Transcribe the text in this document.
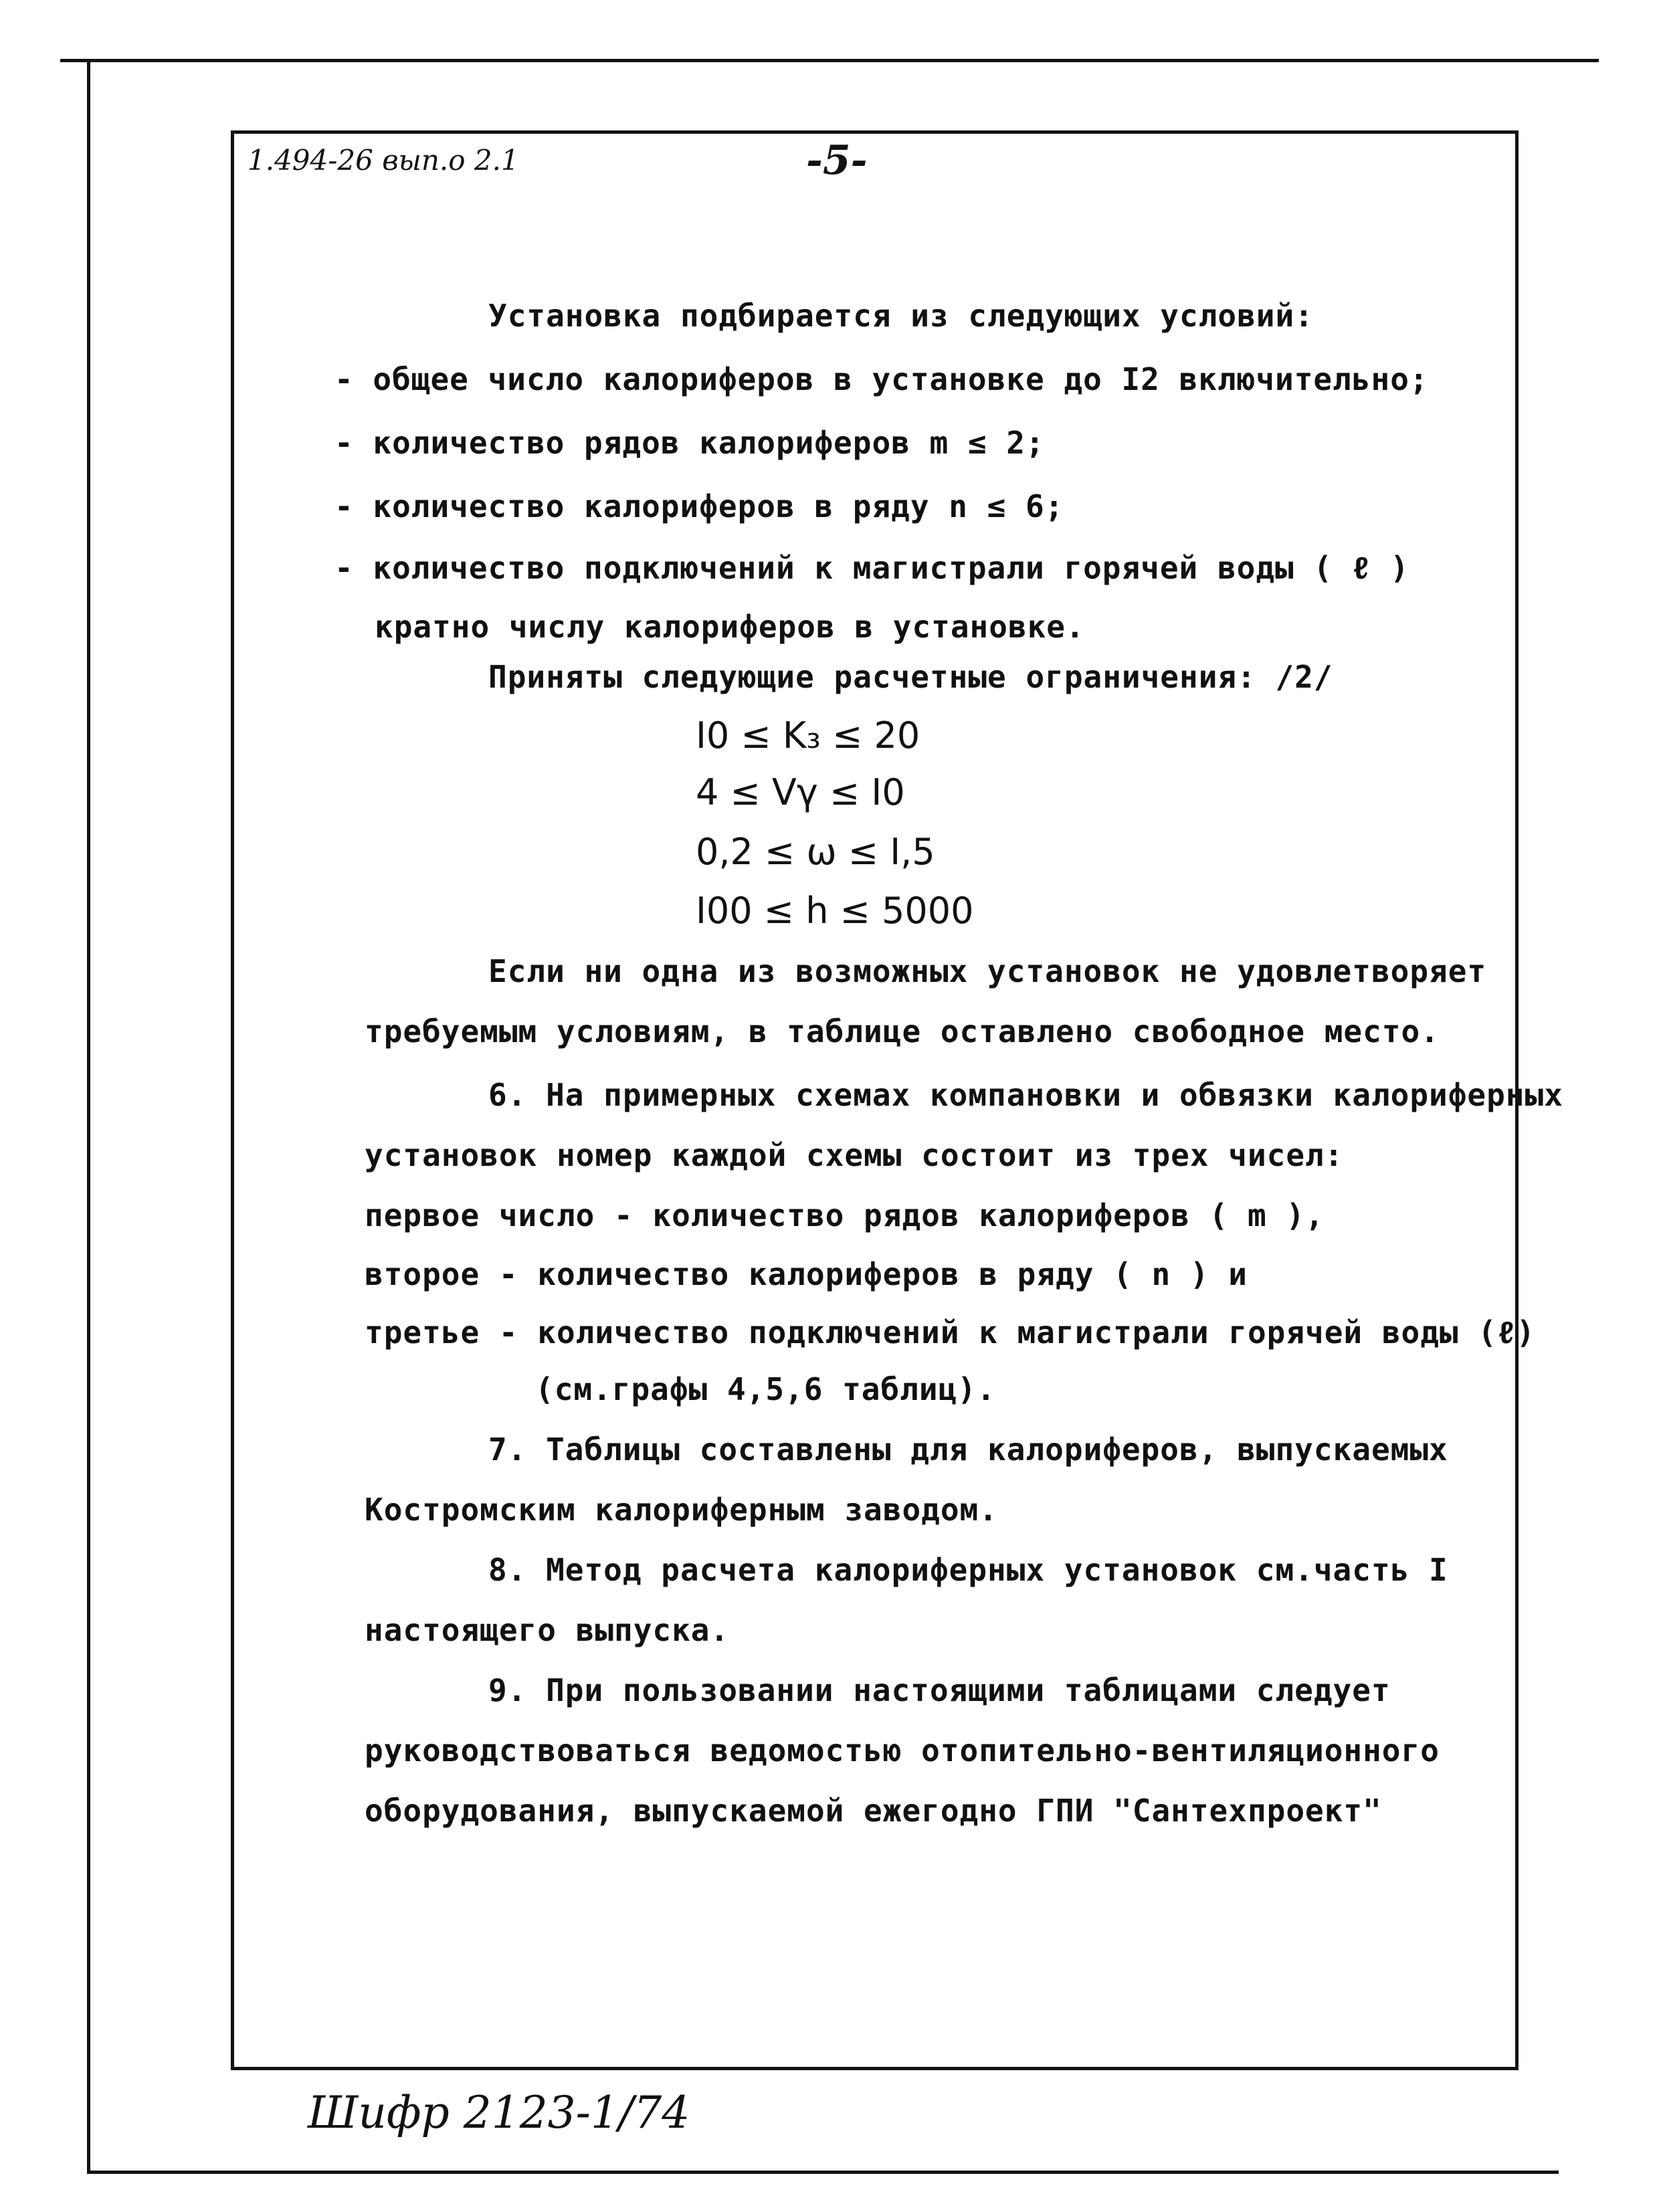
1.494-26 вып.о 2.1	-5-
Установка подбирается из следующих условий:
- общее число калориферов в установке до I2 включительно;
- количество рядов калориферов m ≤ 2;
- количество калориферов в ряду n ≤ 6;
- количество подключений к магистрали горячей воды ( ℓ )
кратно числу калориферов в установке.
Приняты следующие расчетные ограничения: /2/
I0 ≤ K₃ ≤ 20
4 ≤ Vγ ≤ I0
0,2 ≤ ω ≤ I,5
I00 ≤ h ≤ 5000
Если ни одна из возможных установок не удовлетворяет
требуемым условиям, в таблице оставлено свободное место.
6. На примерных схемах компановки и обвязки калориферных
установок номер каждой схемы состоит из трех чисел:
первое число - количество рядов калориферов ( m ),
второе - количество калориферов в ряду ( n ) и
третье - количество подключений к магистрали горячей воды (ℓ)
(см.графы 4,5,6 таблиц).
7. Таблицы составлены для калориферов, выпускаемых
Костромским калориферным заводом.
8. Метод расчета калориферных установок см.часть I
настоящего выпуска.
9. При пользовании настоящими таблицами следует
руководствоваться ведомостью отопительно-вентиляционного
оборудования, выпускаемой ежегодно ГПИ "Сантехпроект"
Шифр 2123-1/74
